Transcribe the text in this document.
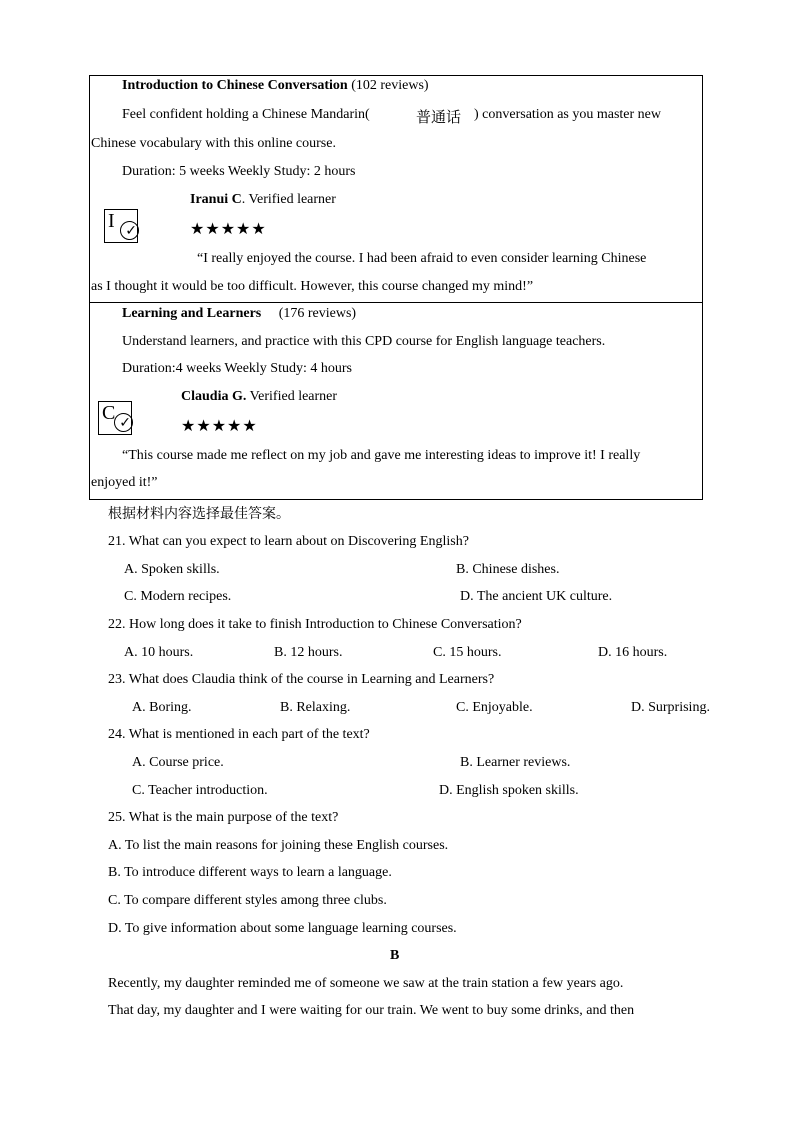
Introduction to Chinese Conversation (102 reviews)
Feel confident holding a Chinese Mandarin(	普通话 ) conversation as you master new
Chinese vocabulary with this online course.
Duration: 5 weeks Weekly Study: 2 hours
I ✓
Iranui C. Verified learner
★★★★★
“I really enjoyed the course. I had been afraid to even consider learning Chinese
as I thought it would be too difficult. However, this course changed my mind!”
Learning and Learners (176 reviews)
Understand learners, and practice with this CPD course for English language teachers.
Duration:4 weeks Weekly Study: 4 hours
C ✓
Claudia G. Verified learner
★★★★★
“This course made me reflect on my job and gave me interesting ideas to improve it! I really
enjoyed it!”
根据材料内容选择最佳答案。
21. What can you expect to learn about on Discovering English?
A. Spoken skills.	B. Chinese dishes.
C. Modern recipes.	D. The ancient UK culture.
22. How long does it take to finish Introduction to Chinese Conversation?
A. 10 hours.	B. 12 hours.	C. 15 hours.	D. 16 hours.
23. What does Claudia think of the course in Learning and Learners?
A. Boring.	B. Relaxing.	C. Enjoyable.	D. Surprising.
24. What is mentioned in each part of the text?
A. Course price.	B. Learner reviews.
C. Teacher introduction.	D. English spoken skills.
25. What is the main purpose of the text?
A. To list the main reasons for joining these English courses.
B. To introduce different ways to learn a language.
C. To compare different styles among three clubs.
D. To give information about some language learning courses.
B
Recently, my daughter reminded me of someone we saw at the train station a few years ago.
That day, my daughter and I were waiting for our train. We went to buy some drinks, and then
